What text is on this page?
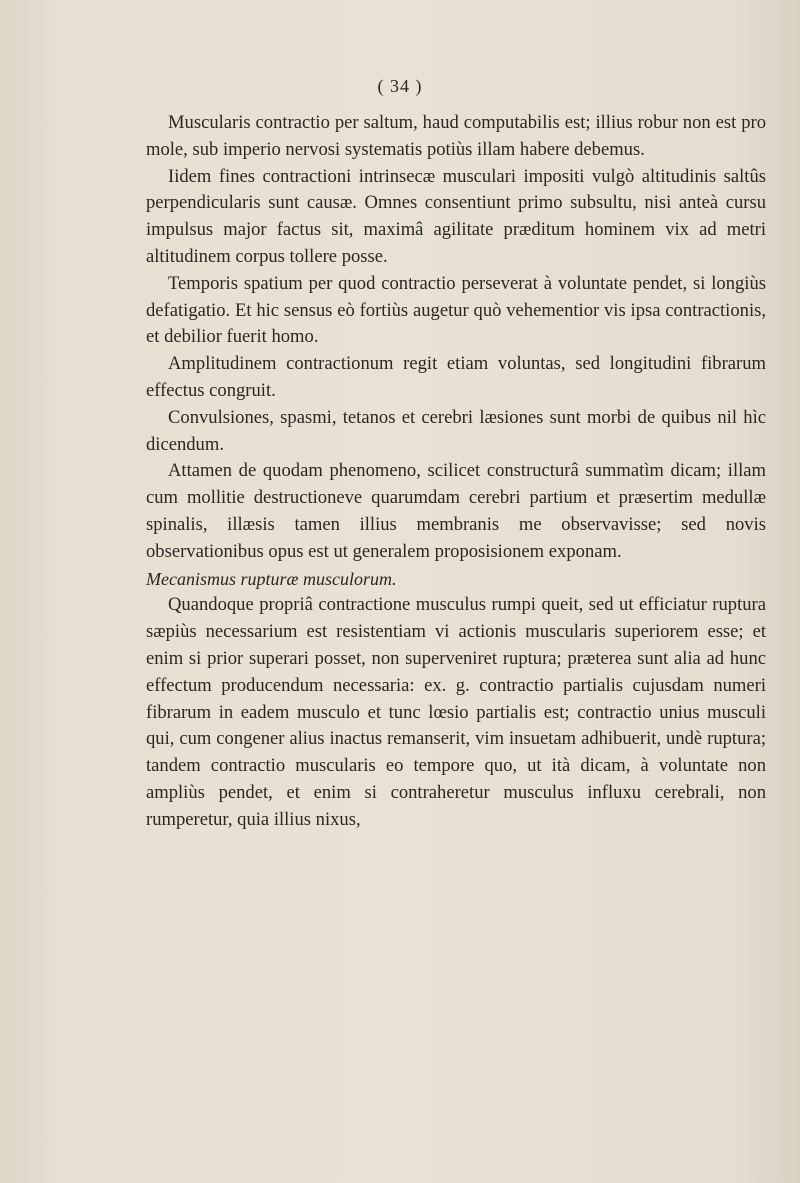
( 34 )

Muscularis contractio per saltum, haud computabilis est; illius robur non est pro mole, sub imperio nervosi systematis potiùs illam habere debemus.

Iidem fines contractioni intrinsecæ musculari impositi vulgò altitudinis saltûs perpendicularis sunt causæ. Omnes consentiunt primo subsultu, nisi anteà cursu impulsus major factus sit, maximâ agilitate præditum hominem vix ad metri altitudinem corpus tollere posse.

Temporis spatium per quod contractio perseverat à voluntate pendet, si longiùs defatigatio. Et hic sensus eò fortiùs augetur quò vehementior vis ipsa contractionis, et debilior fuerit homo.

Amplitudinem contractionum regit etiam voluntas, sed longitudini fibrarum effectus congruit.

Convulsiones, spasmi, tetanos et cerebri læsiones sunt morbi de quibus nil hìc dicendum.

Attamen de quodam phenomeno, scilicet constructurâ summatìm dicam; illam cum mollitie destructioneve quarumdam cerebri partium et præsertim medullæ spinalis, illæsis tamen illius membranis me observavisse; sed novis observationibus opus est ut generalem proposisionem exponam.

Mecanismus rupturæ musculorum.

Quandoque propriâ contractione musculus rumpi queit, sed ut efficiatur ruptura sæpiùs necessarium est resistentiam vi actionis muscularis superiorem esse; et enim si prior superari posset, non superveniret ruptura; præterea sunt alia ad hunc effectum producendum necessaria: ex. g. contractio partialis cujusdam numeri fibrarum in eadem musculo et tunc lœsio partialis est; contractio unius musculi qui, cum congener alius inactus remanserit, vim insuetam adhibuerit, undè ruptura; tandem contractio muscularis eo tempore quo, ut ità dicam, à voluntate non ampliùs pendet, et enim si contraheretur musculus influxu cerebrali, non rumperetur, quia illius nixus,
